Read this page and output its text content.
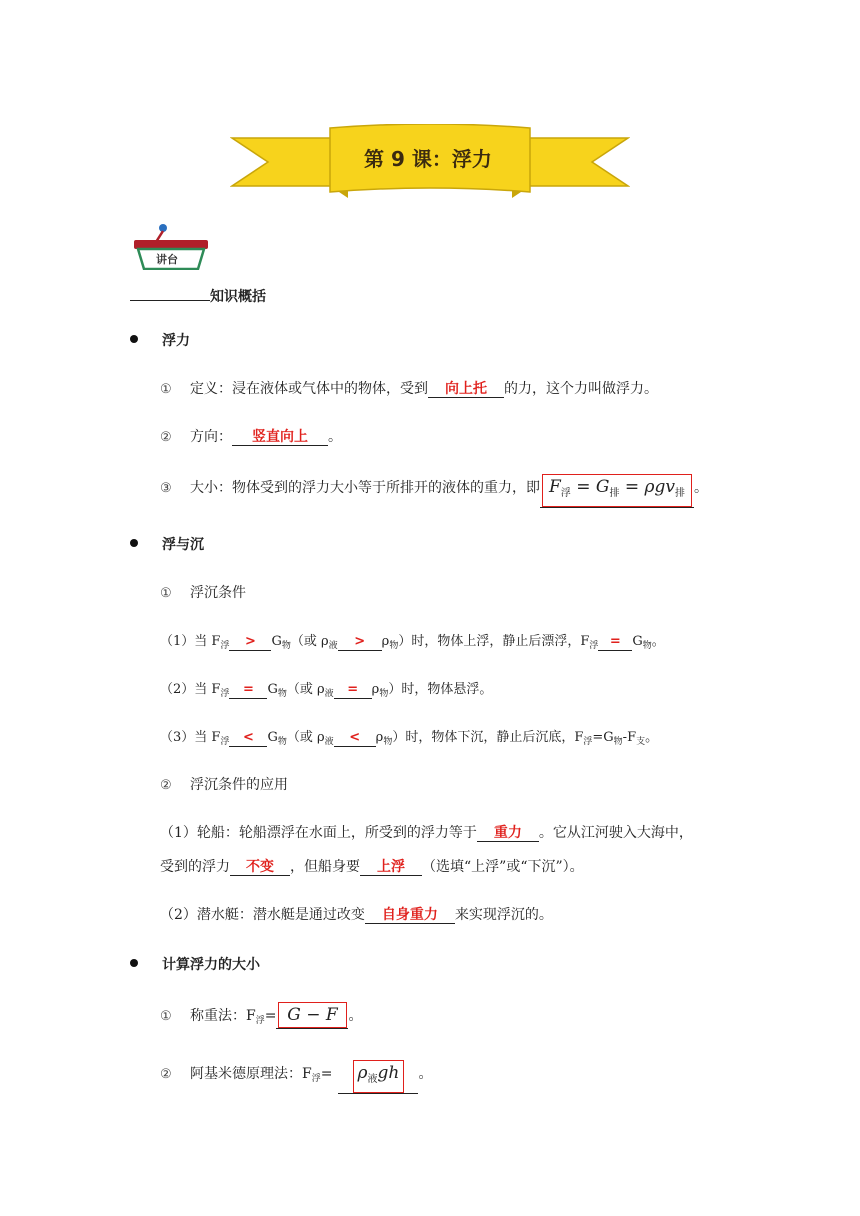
第 9 课：浮力
讲台
知识概括
浮力
① 定义：浸在液体或气体中的物体，受到 向上托 的力，这个力叫做浮力。
② 方向： 竖直向上 。
③ 大小：物体受到的浮力大小等于所排开的液体的重力，即 $F_浮 = G_排 = \rho gv_排$ 。
浮与沉
① 浮沉条件
（1）当 $F_浮 > G_物$（或 $\rho_液 > \rho_物$）时，物体上浮，静止后漂浮，$F_浮 = G_物$。
（2）当 $F_浮 = G_物$（或 $\rho_液 = \rho_物$）时，物体悬浮。
（3）当 $F_浮 < G_物$（或 $\rho_液 < \rho_物$）时，物体下沉，静止后沉底，$F_浮=G_物-F_支$。
② 浮沉条件的应用
（1）轮船：轮船漂浮在水面上，所受到的浮力等于 重力 。它从江河驶入大海中，
受到的浮力 不变 ，但船身要 上浮 （选填“上浮”或“下沉”）。
（2）潜水艇：潜水艇是通过改变 自身重力 来实现浮沉的。
计算浮力的大小
① 称重法：$F_浮= G - F$ 。
② 阿基米德原理法：$F_浮= \rho_液gh$ 。
